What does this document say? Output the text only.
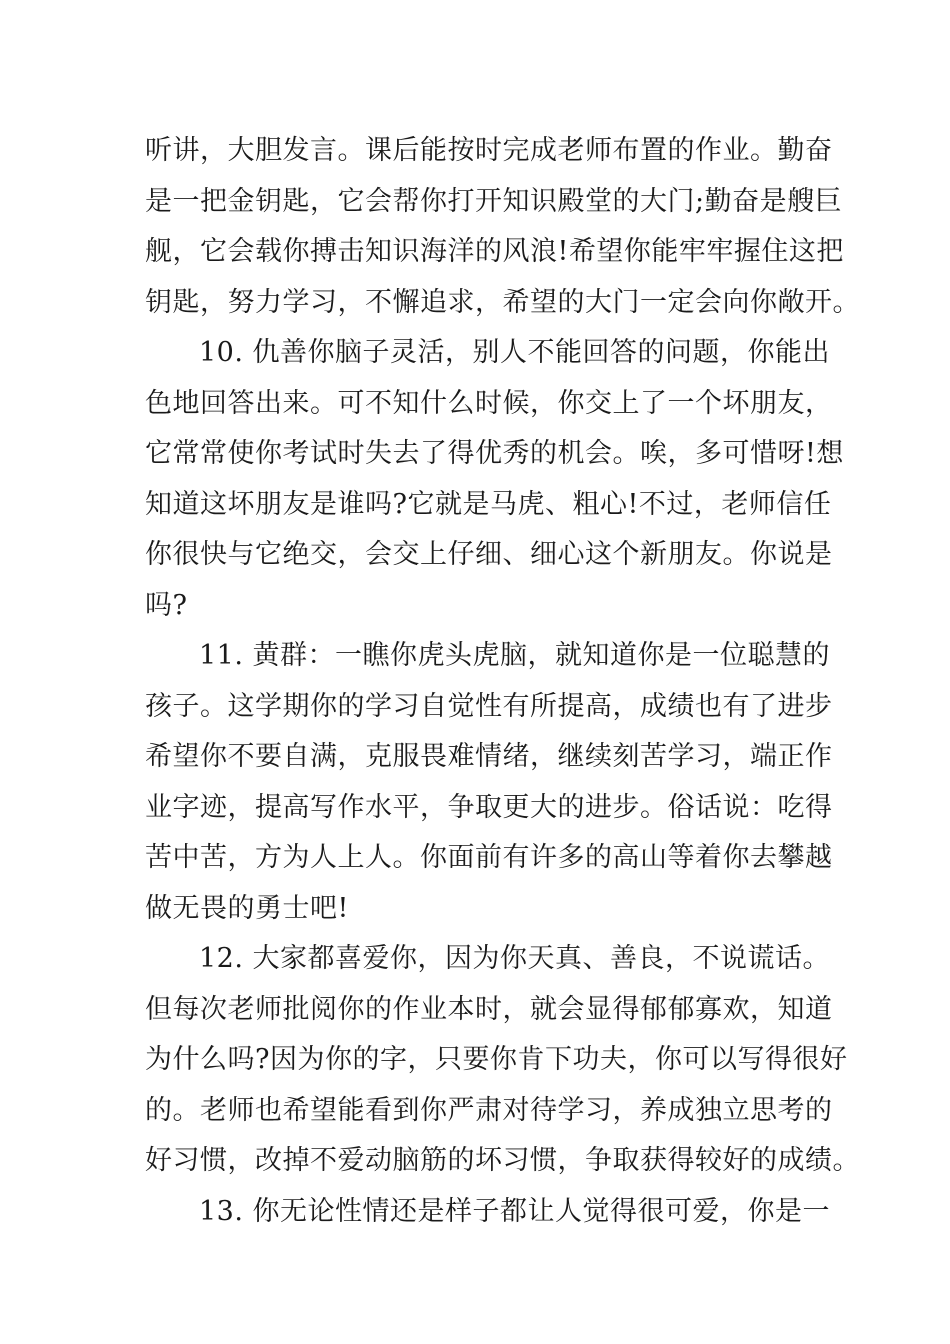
听讲，大胆发言。课后能按时完成老师布置的作业。勤奋
是一把金钥匙，它会帮你打开知识殿堂的大门;勤奋是艘巨
舰，它会载你搏击知识海洋的风浪!希望你能牢牢握住这把
钥匙，努力学习，不懈追求，希望的大门一定会向你敞开。
10. 仇善你脑子灵活，别人不能回答的问题，你能出
色地回答出来。可不知什么时候，你交上了一个坏朋友，
它常常使你考试时失去了得优秀的机会。唉，多可惜呀!想
知道这坏朋友是谁吗?它就是马虎、粗心!不过，老师信任
你很快与它绝交，会交上仔细、细心这个新朋友。你说是
吗?
11. 黄群：一瞧你虎头虎脑，就知道你是一位聪慧的
孩子。这学期你的学习自觉性有所提高，成绩也有了进步
希望你不要自满，克服畏难情绪，继续刻苦学习，端正作
业字迹，提高写作水平，争取更大的进步。俗话说：吃得
苦中苦，方为人上人。你面前有许多的高山等着你去攀越
做无畏的勇士吧!
12. 大家都喜爱你，因为你天真、善良，不说谎话。
但每次老师批阅你的作业本时，就会显得郁郁寡欢，知道
为什么吗?因为你的字，只要你肯下功夫，你可以写得很好
的。老师也希望能看到你严肃对待学习，养成独立思考的
好习惯，改掉不爱动脑筋的坏习惯，争取获得较好的成绩。
13. 你无论性情还是样子都让人觉得很可爱，你是一
